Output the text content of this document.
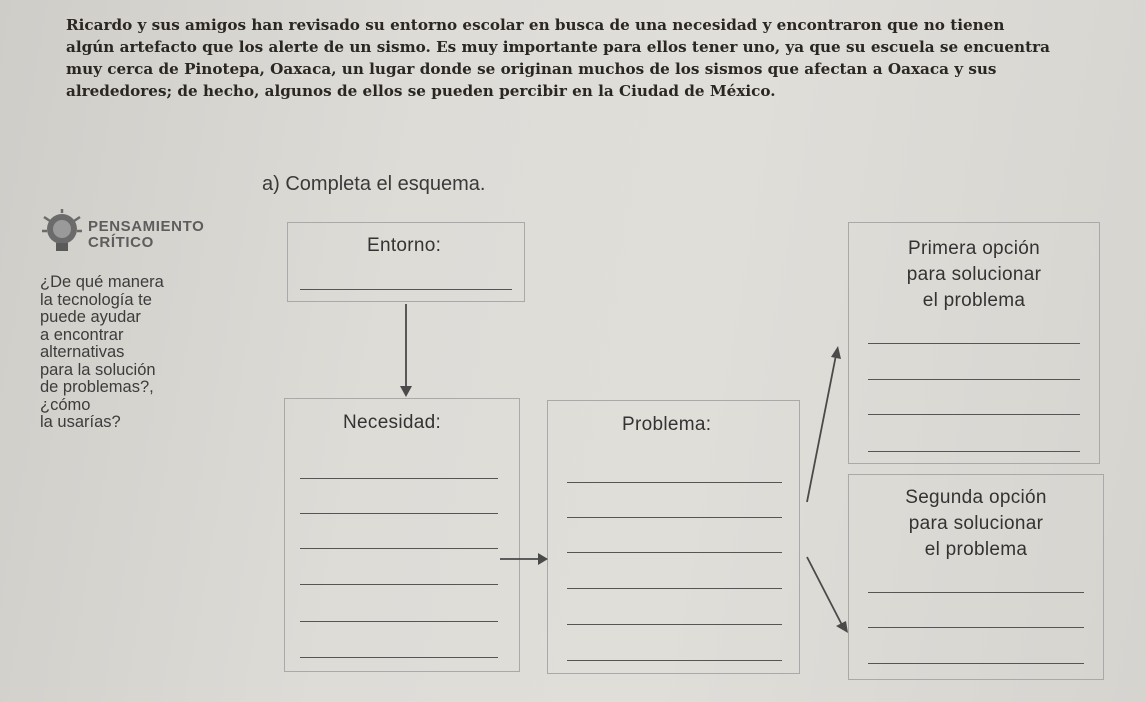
Ricardo y sus amigos han revisado su entorno escolar en busca de una necesidad y encontraron que no tienen
algún artefacto que los alerte de un sismo. Es muy importante para ellos tener uno, ya que su escuela se encuentra
muy cerca de Pinotepa, Oaxaca, un lugar donde se originan muchos de los sismos que afectan a Oaxaca y sus
alrededores; de hecho, algunos de ellos se pueden percibir en la Ciudad de México.
a) Completa el esquema.
PENSAMIENTO
CRÍTICO
¿De qué manera
la tecnología te
puede ayudar
a encontrar
alternativas
para la solución
de problemas?,
¿cómo
la usarías?
Entorno:
Necesidad:	Problema:
Primera opción
para solucionar
el problema
Segunda opción
para solucionar
el problema
